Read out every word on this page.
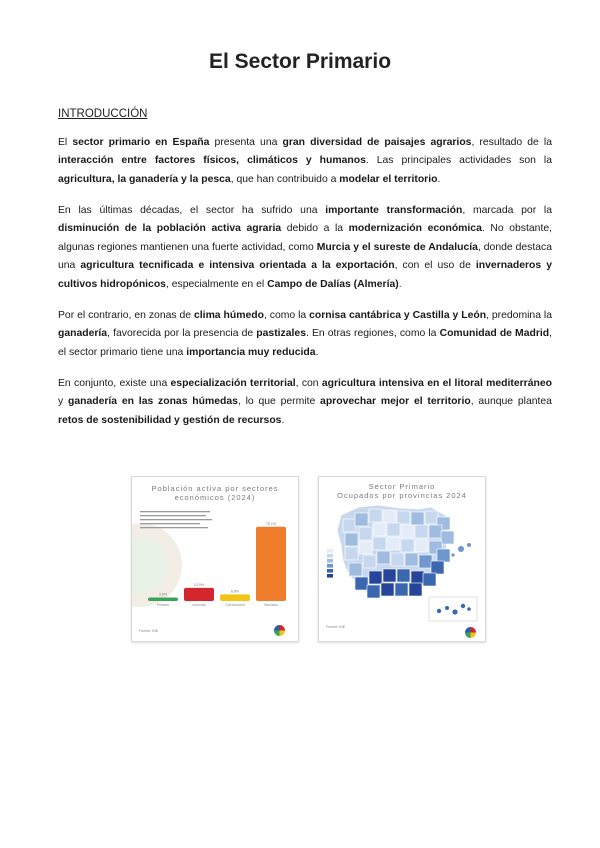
El Sector Primario
INTRODUCCIÓN

El sector primario en España presenta una gran diversidad de paisajes agrarios, resultado de la interacción entre factores físicos, climáticos y humanos. Las principales actividades son la agricultura, la ganadería y la pesca, que han contribuido a modelar el territorio.

En las últimas décadas, el sector ha sufrido una importante transformación, marcada por la disminución de la población activa agraria debido a la modernización económica. No obstante, algunas regiones mantienen una fuerte actividad, como Murcia y el sureste de Andalucía, donde destaca una agricultura tecnificada e intensiva orientada a la exportación, con el uso de invernaderos y cultivos hidropónicos, especialmente en el Campo de Dalías (Almería).

Por el contrario, en zonas de clima húmedo, como la cornisa cantábrica y Castilla y León, predomina la ganadería, favorecida por la presencia de pastizales. En otras regiones, como la Comunidad de Madrid, el sector primario tiene una importancia muy reducida.

En conjunto, existe una especialización territorial, con agricultura intensiva en el litoral mediterráneo y ganadería en las zonas húmedas, lo que permite aprovechar mejor el territorio, aunque plantea retos de sostenibilidad y gestión de recursos.

Población activa por sectores
económicos (2024)
3.6%
Primario
13.5%
Industria
6.8%
Construcción
76.1%
Servicios
Fuente: INE
Sector Primario
Ocupados por provincias 2024
Fuente: INE
